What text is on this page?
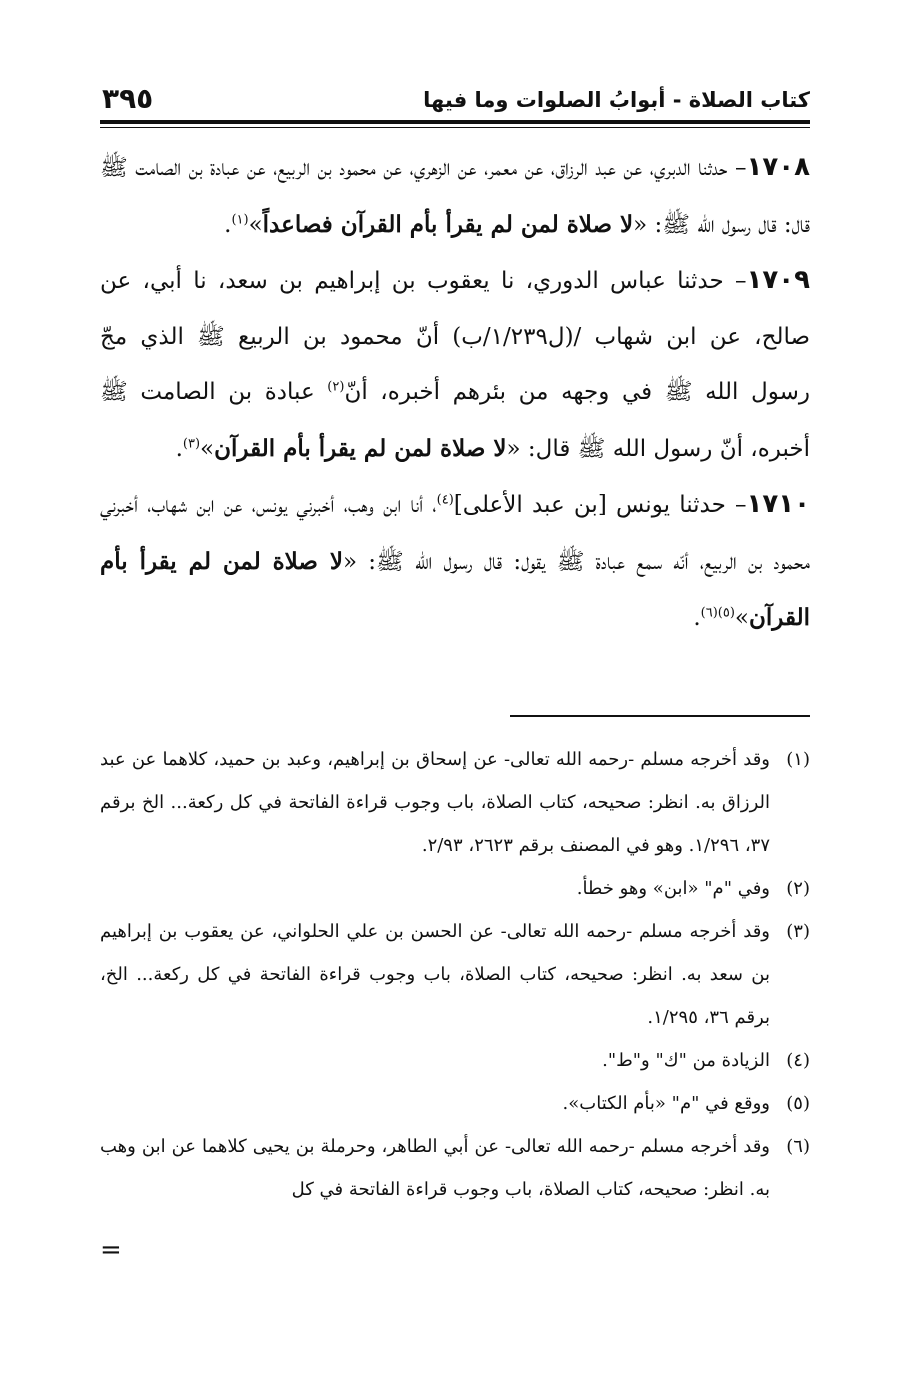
كتاب الصلاة - أبوابُ الصلوات وما فيها
٣٩٥

١٧٠٨– حدثنا الدبري، عن عبد الرزاق، عن معمر، عن الزهري، عن محمود بن الربيع، عن عبادة بن الصامت ﷺ قال: قال رسول الله ﷺ: «لا صلاة لمن لم يقرأ بأم القرآن فصاعداً»$^{(١)}$.

١٧٠٩– حدثنا عباس الدوري، نا يعقوب بن إبراهيم بن سعد، نا أبي، عن صالح، عن ابن شهاب /(ل١/٢٣٩/ب) أنّ محمود بن الربيع ﷺ الذي مجّ رسول الله ﷺ في وجهه من بئرهم أخبره، أنّ$^{(٢)}$ عبادة بن الصامت ﷺ أخبره، أنّ رسول الله ﷺ قال: «لا صلاة لمن لم يقرأ بأم القرآن»$^{(٣)}$.

١٧١٠– حدثنا يونس [بن عبد الأعلى]$^{(٤)}$، أنا ابن وهب، أخبرني يونس، عن ابن شهاب، أخبرني محمود بن الربيع، أنّه سمع عبادة ﷺ يقول: قال رسول الله ﷺ: «لا صلاة لمن لم يقرأ بأم القرآن»$^{(٥)(٦)}$.

(١)
وقد أخرجه مسلم -رحمه الله تعالى- عن إسحاق بن إبراهيم، وعبد بن حميد، كلاهما عن عبد الرزاق به. انظر: صحيحه، كتاب الصلاة، باب وجوب قراءة الفاتحة في كل ركعة... الخ برقم ٣٧، ١/٢٩٦. وهو في المصنف برقم ٢٦٢٣، ٢/٩٣.

(٢)
وفي "م" «ابن» وهو خطأ.

(٣)
وقد أخرجه مسلم -رحمه الله تعالى- عن الحسن بن علي الحلواني، عن يعقوب بن إبراهيم بن سعد به. انظر: صحيحه، كتاب الصلاة، باب وجوب قراءة الفاتحة في كل ركعة... الخ، برقم ٣٦، ١/٢٩٥.

(٤)
الزيادة من "ك" و"ط".

(٥)
ووقع في "م" «بأم الكتاب».

(٦)
وقد أخرجه مسلم -رحمه الله تعالى- عن أبي الطاهر، وحرملة بن يحيى كلاهما عن ابن وهب به. انظر: صحيحه، كتاب الصلاة، باب وجوب قراءة الفاتحة في كل

=
